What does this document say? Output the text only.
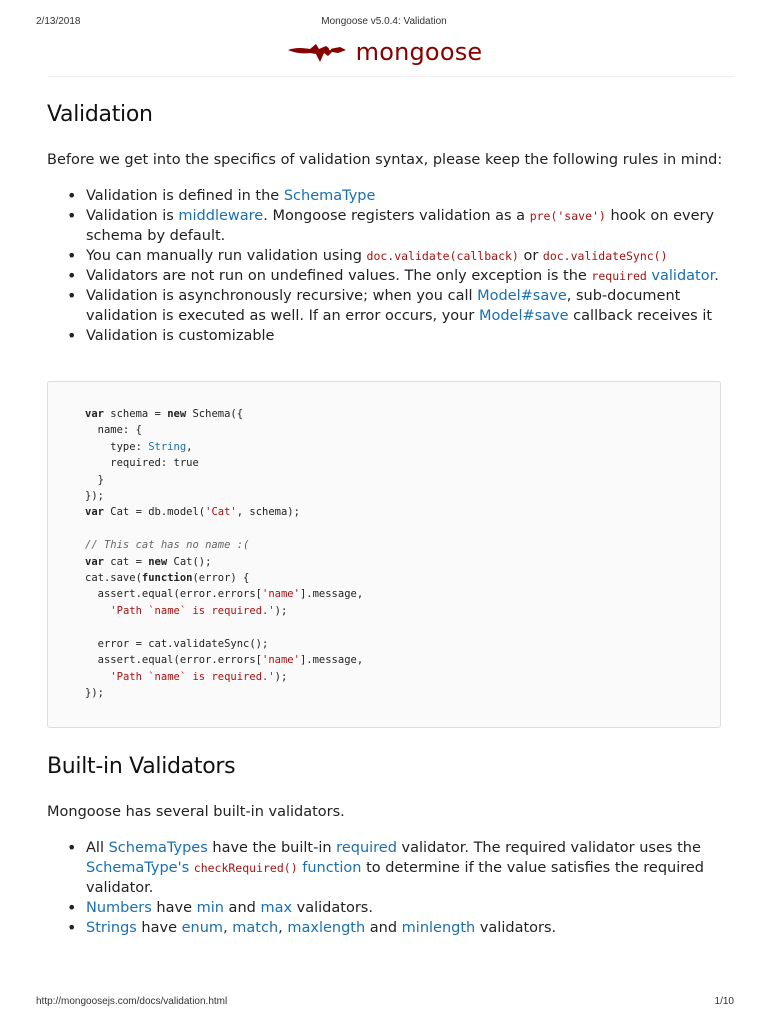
2/13/2018	Mongoose v5.0.4: Validation
mongoose
Validation

Before we get into the specifics of validation syntax, please keep the following rules in mind:

• Validation is defined in the SchemaType
• Validation is middleware. Mongoose registers validation as a pre('save') hook on every schema by default.
• You can manually run validation using doc.validate(callback) or doc.validateSync()
• Validators are not run on undefined values. The only exception is the required validator.
• Validation is asynchronously recursive; when you call Model#save, sub-document validation is executed as well. If an error occurs, your Model#save callback receives it
• Validation is customizable
var schema = new Schema({
name: {
type: String,
required: true
}
});
var Cat = db.model('Cat', schema);

// This cat has no name :(
var cat = new Cat();
cat.save(function(error) {
assert.equal(error.errors['name'].message,
'Path `name` is required.');

error = cat.validateSync();
assert.equal(error.errors['name'].message,
'Path `name` is required.');
});
Built-in Validators

Mongoose has several built-in validators.

• All SchemaTypes have the built-in required validator. The required validator uses the SchemaType's checkRequired() function to determine if the value satisfies the required validator.
• Numbers have min and max validators.
• Strings have enum, match, maxlength and minlength validators.
http://mongoosejs.com/docs/validation.html	1/10
